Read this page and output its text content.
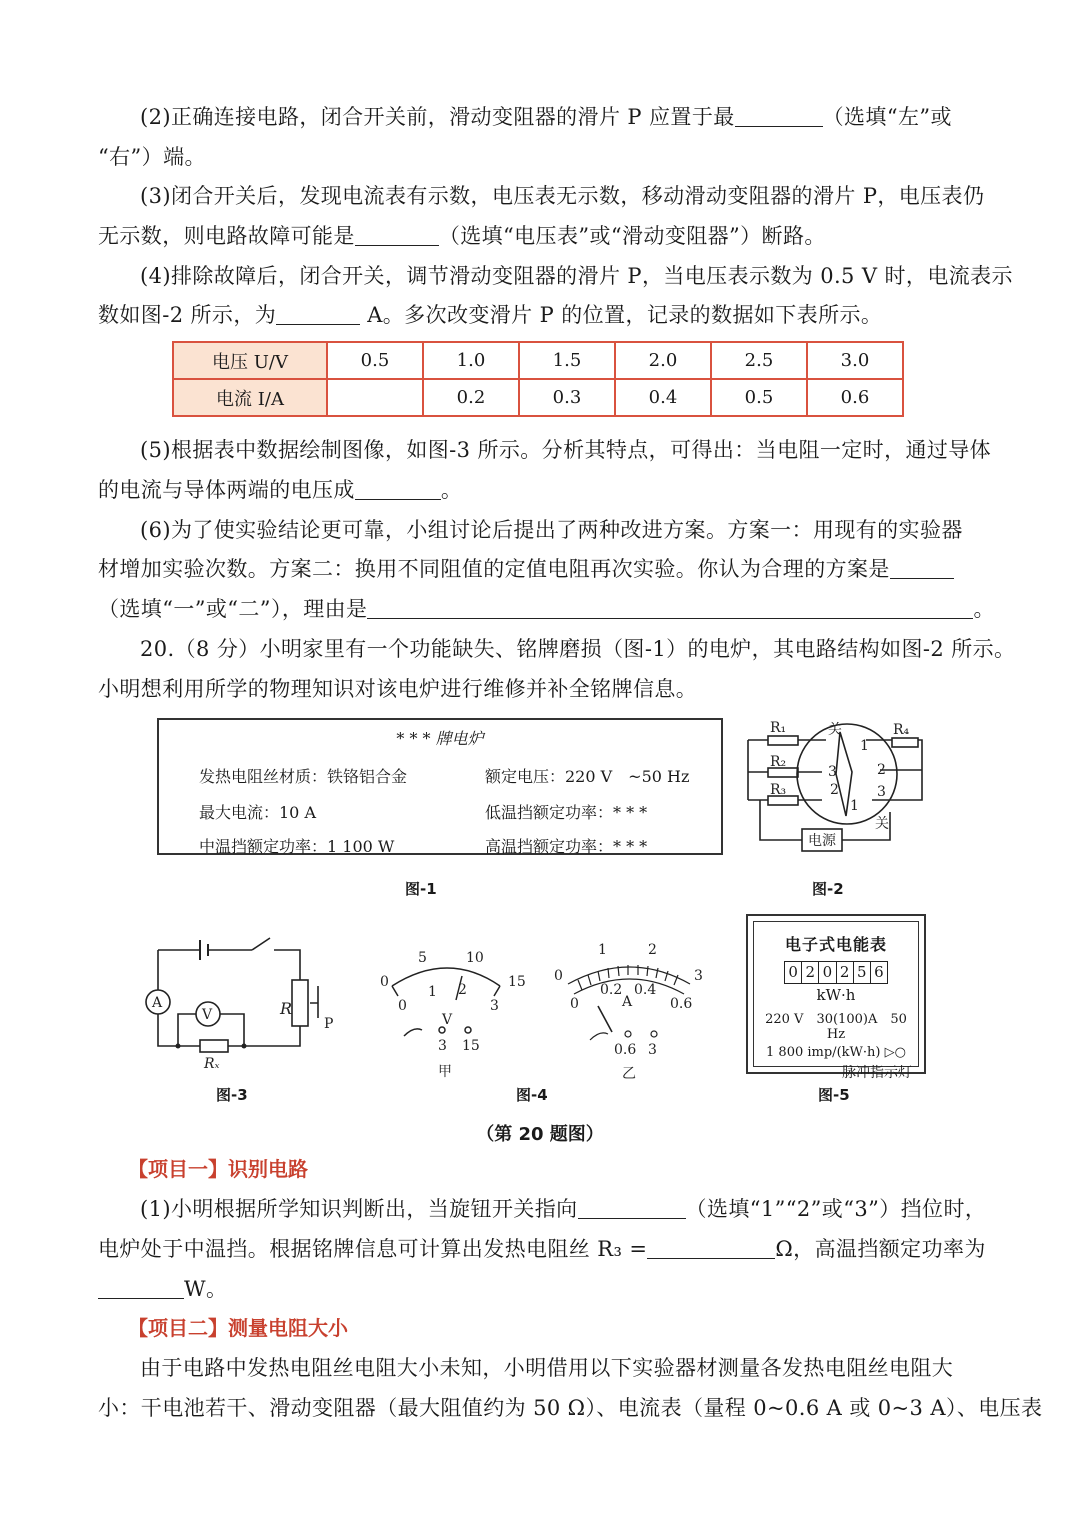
(2)正确连接电路，闭合开关前，滑动变阻器的滑片 P 应置于最	（选填“左”或
“右”）端。
(3)闭合开关后，发现电流表有示数，电压表无示数，移动滑动变阻器的滑片 P，电压表仍
无示数，则电路故障可能是	（选填“电压表”或“滑动变阻器”）断路。
(4)排除故障后，闭合开关，调节滑动变阻器的滑片 P，当电压表示数为 0.5 V 时，电流表示
数如图-2 所示，为	A。多次改变滑片 P 的位置，记录的数据如下表所示。
电压 U/V	0.5	1.0	1.5	2.0	2.5	3.0
电流 I/A		0.2	0.3	0.4	0.5	0.6
(5)根据表中数据绘制图像，如图-3 所示。分析其特点，可得出：当电阻一定时，通过导体
的电流与导体两端的电压成	。
(6)为了使实验结论更可靠，小组讨论后提出了两种改进方案。方案一：用现有的实验器
材增加实验次数。方案二：换用不同阻值的定值电阻再次实验。你认为合理的方案是
（选填“一”或“二”），理由是	。
20.（8 分）小明家里有一个功能缺失、铭牌磨损（图-1）的电炉，其电路结构如图-2 所示。
小明想利用所学的物理知识对该电炉进行维修并补全铭牌信息。
* * * 牌电炉
发热电阻丝材质：铁铬铝合金	额定电压：220 V　~50 Hz
最大电流：10 A	低温挡额定功率：* * *
中温挡额定功率：1 100 W	高温挡额定功率：* * *
图-1
R₁
R₂
R₃
R₄
关
关
电源
1
2
3
3
2
1
图-2
A
V	R
P
Rₓ
图-3
0
5	10
15
0
1 2
3
V
3 15
甲
0
1	2
3
0
0.2 0.4
0.6
A
0.6 3
乙
图-4
电子式电能表
0 2 0 2 5 6
kW·h
220 V　30(100)A　50 Hz
1 800 imp/(kW·h) ▷○
脉冲指示灯
图-5
（第 20 题图）
【项目一】识别电路
(1)小明根据所学知识判断出，当旋钮开关指向	（选填“1”“2”或“3”）挡位时，
电炉处于中温挡。根据铭牌信息可计算出发热电阻丝 R₃ =	Ω，高温挡额定功率为
W。
【项目二】测量电阻大小
由于电路中发热电阻丝电阻大小未知，小明借用以下实验器材测量各发热电阻丝电阻大
小：干电池若干、滑动变阻器（最大阻值约为 50 Ω）、电流表（量程 0~0.6 A 或 0~3 A）、电压表
